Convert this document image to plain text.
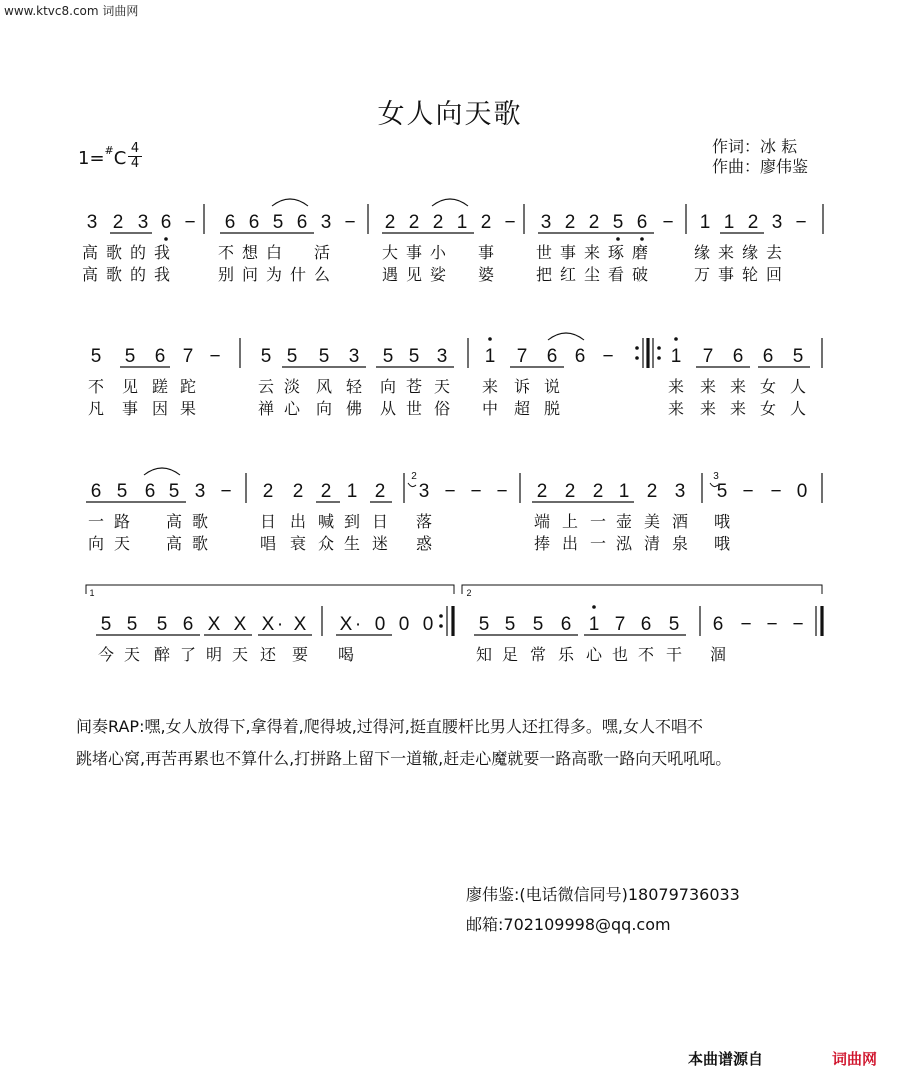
www.ktvc8.com 词曲网
女人向天歌
1=#C 4
4
作词：冰 耘
作曲：廖伟鉴
3 2 3 6 − 6 6 5 6 3 − 2 2 2 1 2 − 3 2 2 5 6 − 1 1 2 3 −
高 歌 的 我	不 想 白 活	大 事 小 事	世 事 来 琢 磨	缘 来 缘 去
高 歌 的 我	别 问 为 什 么	遇 见 娑 婆	把 红 尘 看 破	万 事 轮 回
5 5 6 7 − 5 5 5 3 5 5 3 1 7 6 6 −	1 7 6 6 5
不 见 蹉 跎	云 淡 风 轻 向 苍 天 来 诉 说	来 来 来 女 人
凡 事 因 果	禅 心 向 佛 从 世 俗 中 超 脱	来 来 来 女 人
6 5 6 5 3 − 2 2 2 1 2 3 − − − 2 2 2 1 2 3 5 − − 0
2	3
一 路 高 歌	日 出 喊 到 日 落	端 上 一 壶 美 酒 哦
向 天 高 歌	唱 衰 众 生 迷 惑	捧 出 一 泓 清 泉 哦
1	2
5 5 5 6 X X X · X X · 0 0 0 5 5 5 6 1 7 6 5 6 − − −
今 天 醉 了 明 天 还 要 喝	知 足 常 乐 心 也 不 干 涸
间奏RAP:嘿,女人放得下,拿得着,爬得坡,过得河,挺直腰杆比男人还扛得多。嘿,女人不唱不
跳堵心窝,再苦再累也不算什么,打拼路上留下一道辙,赶走心魔就要一路高歌一路向天吼吼吼。
廖伟鉴:(电话微信同号)18079736033
邮箱:702109998@qq.com
本曲谱源自	词曲网
